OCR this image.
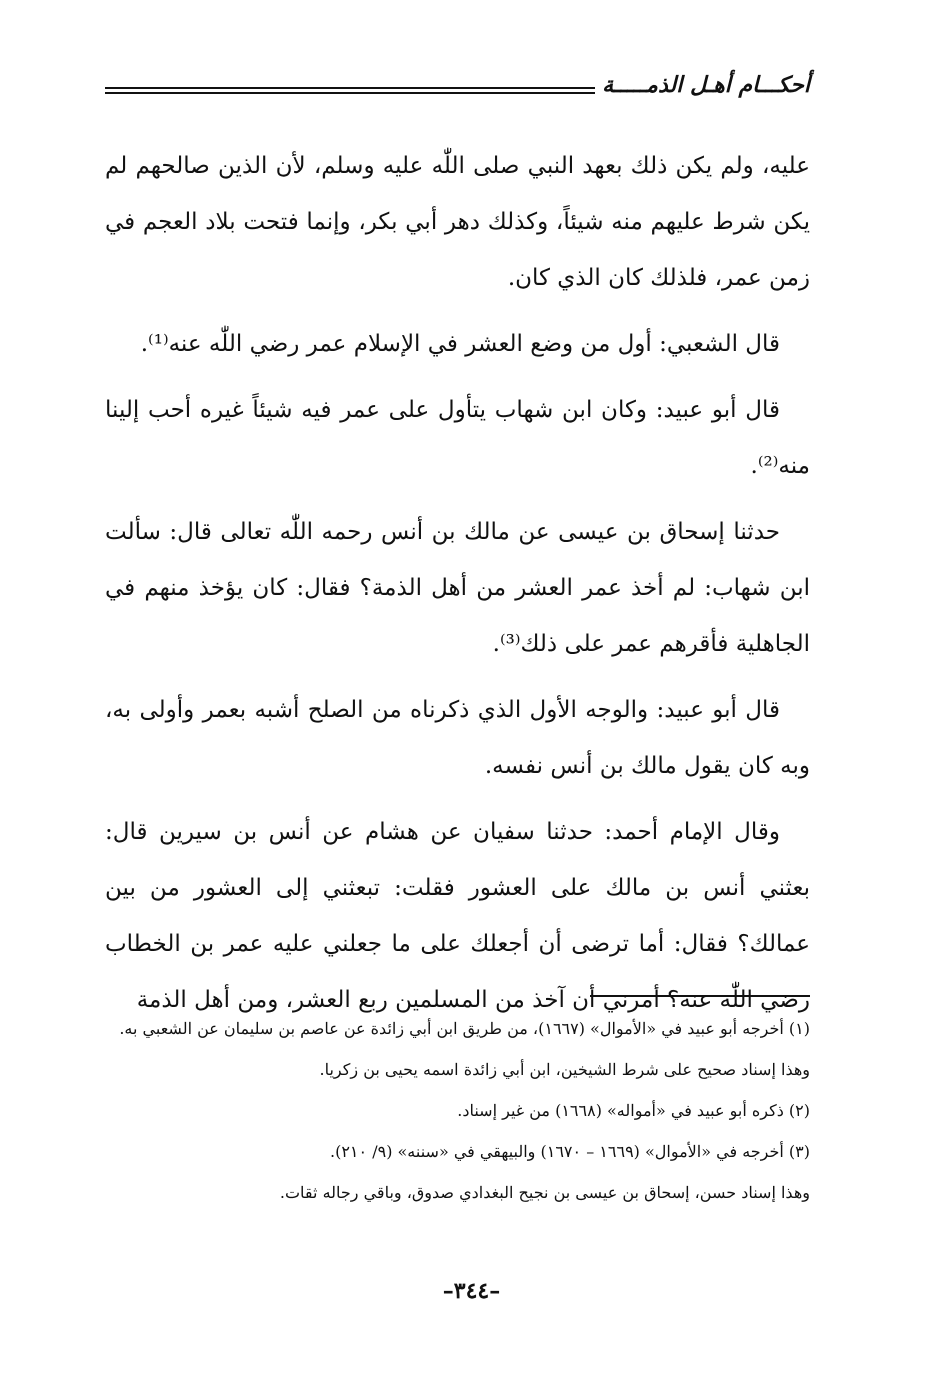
أحكـــام أهـل الذمـــــة

عليه، ولم يكن ذلك بعهد النبي صلى اللّٰه عليه وسلم، لأن الذين صالحهم لم يكن شرط عليهم منه شيئاً، وكذلك دهر أبي بكر، وإنما فتحت بلاد العجم في زمن عمر، فلذلك كان الذي كان.

قال الشعبي: أول من وضع العشر في الإسلام عمر رضي اللّٰه عنه⁽¹⁾.

قال أبو عبيد: وكان ابن شهاب يتأول على عمر فيه شيئاً غيره أحب إلينا منه⁽²⁾.

حدثنا إسحاق بن عيسى عن مالك بن أنس رحمه اللّٰه تعالى قال: سألت ابن شهاب: لم أخذ عمر العشر من أهل الذمة؟ فقال: كان يؤخذ منهم في الجاهلية فأقرهم عمر على ذلك⁽³⁾.

قال أبو عبيد: والوجه الأول الذي ذكرناه من الصلح أشبه بعمر وأولى به، وبه كان يقول مالك بن أنس نفسه.

وقال الإمام أحمد: حدثنا سفيان عن هشام عن أنس بن سيرين قال: بعثني أنس بن مالك على العشور فقلت: تبعثني إلى العشور من بين عمالك؟ فقال: أما ترضى أن أجعلك على ما جعلني عليه عمر بن الخطاب رضي اللّٰه عنه؟ أمرني أن آخذ من المسلمين ربع العشر، ومن أهل الذمة

(١) أخرجه أبو عبيد في «الأموال» (١٦٦٧)، من طريق ابن أبي زائدة عن عاصم بن سليمان عن الشعبي به.

وهذا إسناد صحيح على شرط الشيخين، ابن أبي زائدة اسمه يحيى بن زكريا.

(٢) ذكره أبو عبيد في «أمواله» (١٦٦٨) من غير إسناد.

(٣) أخرجه في «الأموال» (١٦٦٩ – ١٦٧٠) والبيهقي في «سننه» (٩/ ٢١٠).

وهذا إسناد حسن، إسحاق بن عيسى بن نجيح البغدادي صدوق، وباقي رجاله ثقات.

–٣٤٤–
